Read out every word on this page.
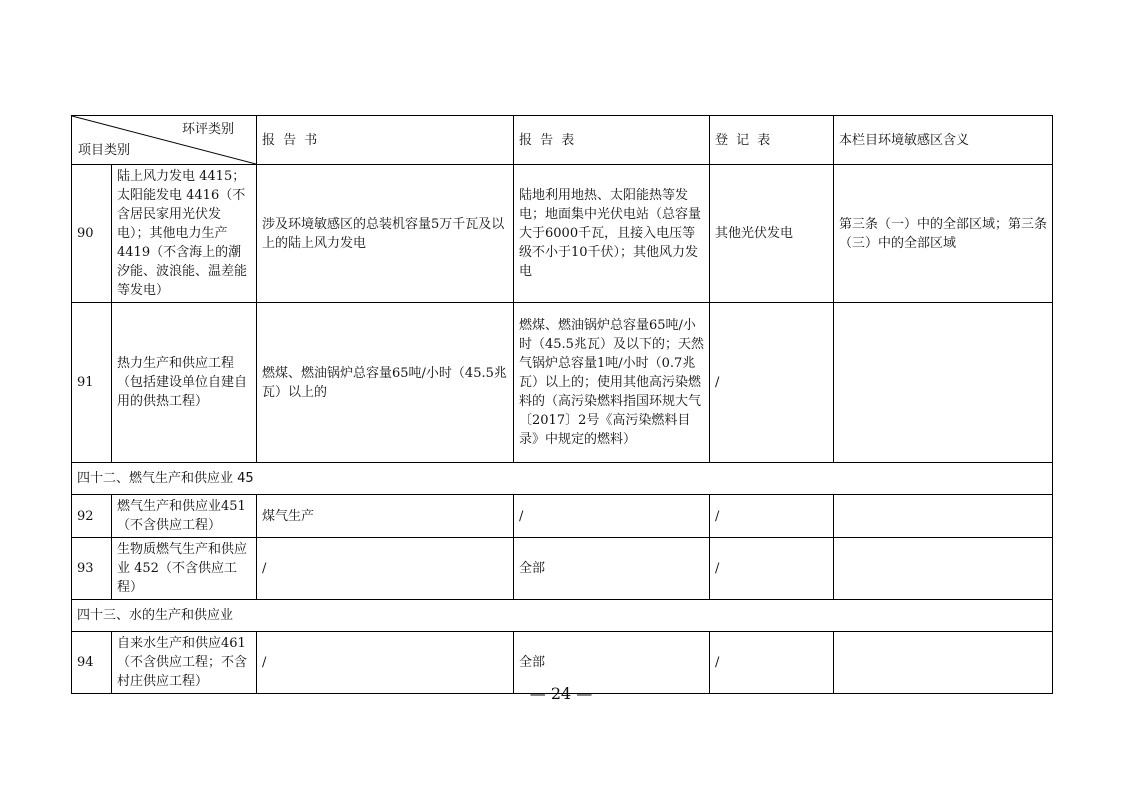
环评类别
项目类别		报 告 书	报 告 表	登 记 表	本栏目环境敏感区含义
90	陆上风力发电 4415；太阳能发电 4416（不含居民家用光伏发电）；其他电力生产4419（不含海上的潮汐能、波浪能、温差能等发电）	涉及环境敏感区的总装机容量5万千瓦及以上的陆上风力发电	陆地利用地热、太阳能热等发电；地面集中光伏电站（总容量大于6000千瓦，且接入电压等级不小于10千伏）；其他风力发电	其他光伏发电	第三条（一）中的全部区域；第三条（三）中的全部区域
91	热力生产和供应工程（包括建设单位自建自用的供热工程）	燃煤、燃油锅炉总容量65吨/小时（45.5兆瓦）以上的	燃煤、燃油锅炉总容量65吨/小时（45.5兆瓦）及以下的；天然气锅炉总容量1吨/小时（0.7兆瓦）以上的；使用其他高污染燃料的（高污染燃料指国环规大气〔2017〕2号《高污染燃料目录》中规定的燃料）	/	
四十二、燃气生产和供应业 45					
92	燃气生产和供应业451（不含供应工程）	煤气生产	/	/	
93	生物质燃气生产和供应业 452（不含供应工程）	/	全部	/	
四十三、水的生产和供应业					
94	自来水生产和供应461（不含供应工程；不含村庄供应工程）	/	全部	/	
— 24 —
